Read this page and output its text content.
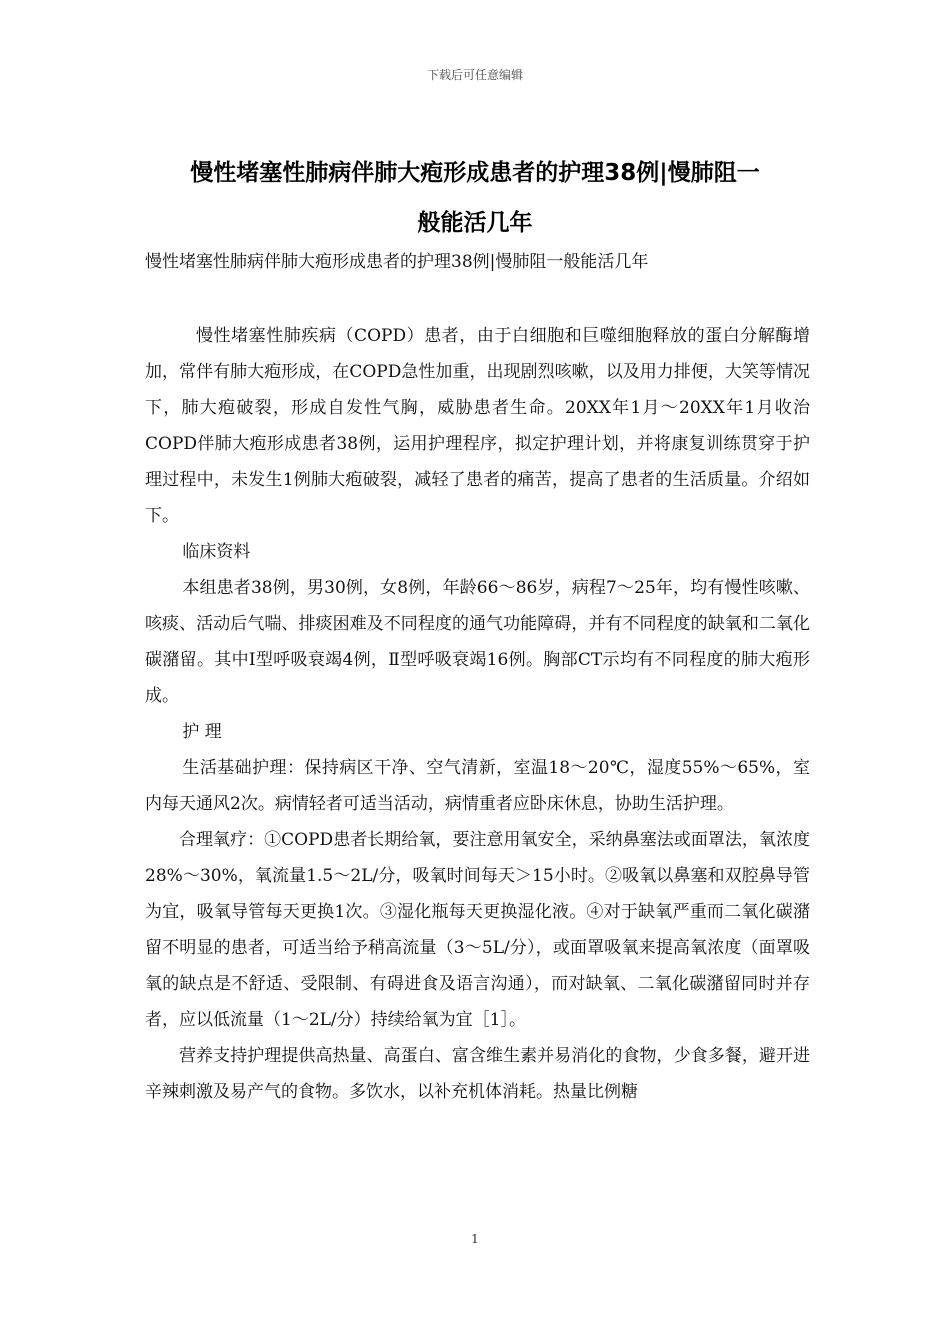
下载后可任意编辑
慢性堵塞性肺病伴肺大疱形成患者的护理38例|慢肺阻一
般能活几年
慢性堵塞性肺病伴肺大疱形成患者的护理38例|慢肺阻一般能活几年

慢性堵塞性肺疾病（COPD）患者，由于白细胞和巨噬细胞释放的蛋白分解酶增加，常伴有肺大疱形成，在COPD急性加重，出现剧烈咳嗽，以及用力排便，大笑等情况下，肺大疱破裂，形成自发性气胸，威胁患者生命。20XX年1月～20XX年1月收治COPD伴肺大疱形成患者38例，运用护理程序，拟定护理计划，并将康复训练贯穿于护理过程中，未发生1例肺大疱破裂，减轻了患者的痛苦，提高了患者的生活质量。介绍如下。

临床资料

本组患者38例，男30例，女8例，年龄66～86岁，病程7～25年，均有慢性咳嗽、咳痰、活动后气喘、排痰困难及不同程度的通气功能障碍，并有不同程度的缺氧和二氧化碳潴留。其中Ⅰ型呼吸衰竭4例，Ⅱ型呼吸衰竭16例。胸部CT示均有不同程度的肺大疱形成。

护 理

生活基础护理：保持病区干净、空气清新，室温18～20℃，湿度55%～65%，室内每天通风2次。病情轻者可适当活动，病情重者应卧床休息，协助生活护理。

合理氧疗：①COPD患者长期给氧，要注意用氧安全，采纳鼻塞法或面罩法，氧浓度28%～30%，氧流量1.5～2L/分，吸氧时间每天＞15小时。②吸氧以鼻塞和双腔鼻导管为宜，吸氧导管每天更换1次。③湿化瓶每天更换湿化液。④对于缺氧严重而二氧化碳潴留不明显的患者，可适当给予稍高流量（3～5L/分），或面罩吸氧来提高氧浓度（面罩吸氧的缺点是不舒适、受限制、有碍进食及语言沟通），而对缺氧、二氧化碳潴留同时并存者，应以低流量（1～2L/分）持续给氧为宜［1］。

营养支持护理提供高热量、高蛋白、富含维生素并易消化的食物，少食多餐，避开进辛辣刺激及易产气的食物。多饮水，以补充机体消耗。热量比例糖

1
